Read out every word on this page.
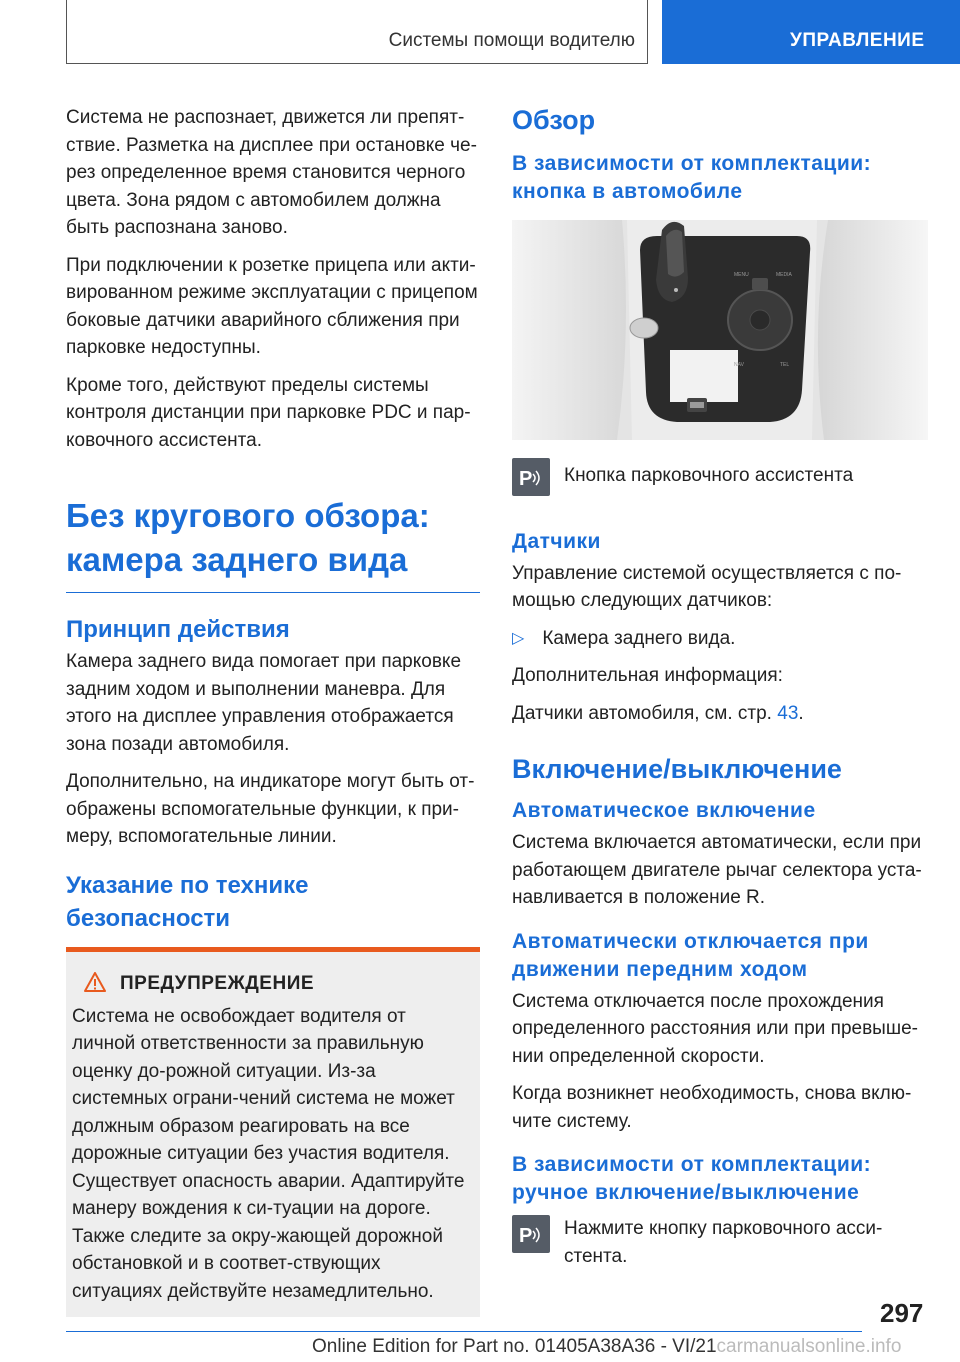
Системы помощи водителю	УПРАВЛЕНИЕ

Система не распознает, движется ли препят-ствие. Разметка на дисплее при остановке че-рез определенное время становится черного цвета. Зона рядом с автомобилем должна быть распознана заново.

При подключении к розетке прицепа или акти-вированном режиме эксплуатации с прицепом боковые датчики аварийного сближения при парковке недоступны.

Кроме того, действуют пределы системы контроля дистанции при парковке PDC и пар-ковочного ассистента.

Без кругового обзора:
камера заднего вида
Принцип действия

Камера заднего вида помогает при парковке задним ходом и выполнении маневра. Для этого на дисплее управления отображается зона позади автомобиля.

Дополнительно, на индикаторе могут быть от-ображены вспомогательные функции, к при-меру, вспомогательные линии.

Указание по технике
безопасности
ПРЕДУПРЕЖДЕНИЕ

Система не освобождает водителя от личной ответственности за правильную оценку до-рожной ситуации. Из-за системных ограни-чений система не может должным образом реагировать на все дорожные ситуации без участия водителя. Существует опасность аварии. Адаптируйте манеру вождения к си-туации на дороге. Также следите за окру-жающей дорожной обстановкой и в соответ-ствующих ситуациях действуйте незамедлительно.

Обзор
В зависимости от комплектации: кнопка в автомобиле
MENU	MEDIA
NAV	TEL
P Кнопка парковочного ассистента

Датчики

Управление системой осуществляется с по-мощью следующих датчиков:

▷ Камера заднего вида.

Дополнительная информация:

Датчики автомобиля, см. стр. 43.

Включение/выключение
Автоматическое включение

Система включается автоматически, если при работающем двигателе рычаг селектора уста-навливается в положение R.

Автоматически отключается при движении передним ходом

Система отключается после прохождения определенного расстояния или при превыше-нии определенной скорости.

Когда возникнет необходимость, снова вклю-чите систему.

В зависимости от комплектации: ручное включение/выключение
P Нажмите кнопку парковочного асси-стента.

297
Online Edition for Part no. 01405A38A36 - VI/21carmanualsonline.info
